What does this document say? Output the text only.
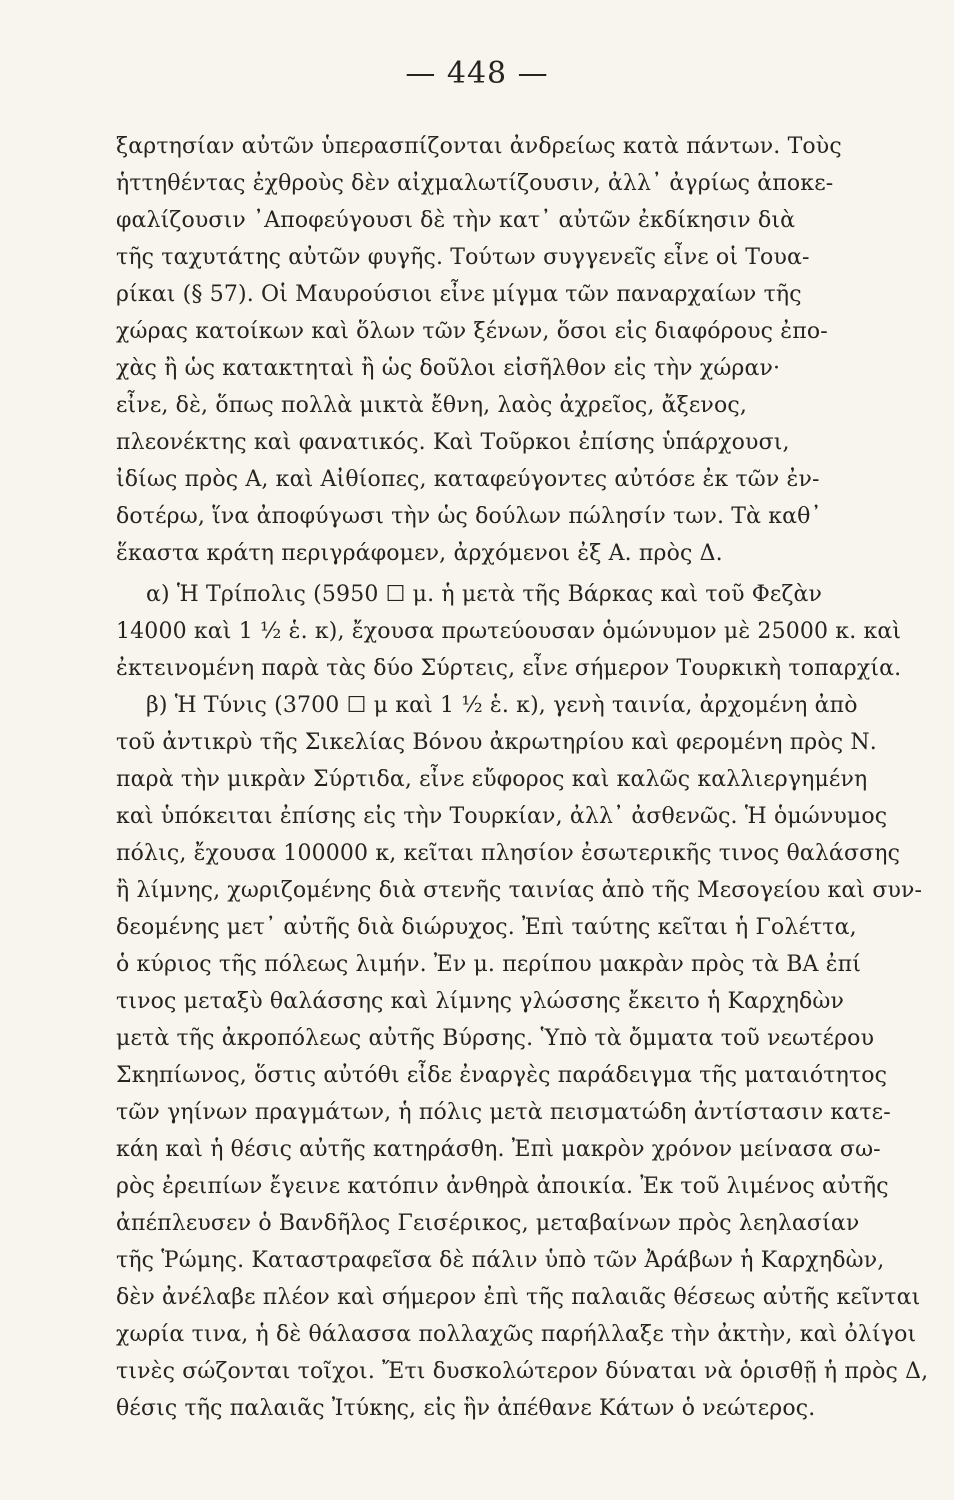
— 448 —
ξαρτησίαν αὐτῶν ὑπερασπίζονται ἀνδρείως κατὰ πάντων. Τοὺς
ἡττηθέντας ἐχθροὺς δὲν αἰχμαλωτίζουσιν, ἀλλ᾿ ἀγρίως ἀποκε-
φαλίζουσιν ᾿Αποφεύγουσι δὲ τὴν κατ᾿ αὐτῶν ἐκδίκησιν διὰ
τῆς ταχυτάτης αὐτῶν φυγῆς. Τούτων συγγενεῖς εἶνε οἱ Τουα-
ρίκαι (§ 57). Οἱ Μαυρούσιοι εἶνε μίγμα τῶν παναρχαίων τῆς
χώρας κατοίκων καὶ ὅλων τῶν ξένων, ὅσοι εἰς διαφόρους ἐπο-
χὰς ἢ ὡς κατακτηταὶ ἢ ὡς δοῦλοι εἰσῆλθον εἰς τὴν χώραν·
εἶνε, δὲ, ὅπως πολλὰ μικτὰ ἔθνη, λαὸς ἀχρεῖος, ἄξενος,
πλεονέκτης καὶ φανατικός. Καὶ Τοῦρκοι ἐπίσης ὑπάρχουσι,
ἰδίως πρὸς Α, καὶ Αἰθίοπες, καταφεύγοντες αὐτόσε ἐκ τῶν ἐν-
δοτέρω, ἵνα ἀποφύγωσι τὴν ὡς δούλων πώλησίν των. Τὰ καθ᾿
ἕκαστα κράτη περιγράφομεν, ἀρχόμενοι ἐξ Α. πρὸς Δ.
α) Ἡ Τρίπολις (5950 ☐ μ. ἡ μετὰ τῆς Βάρκας καὶ τοῦ Φεζὰν
14000 καὶ 1 ½ ἑ. κ), ἔχουσα πρωτεύουσαν ὁμώνυμον μὲ 25000 κ. καὶ
ἐκτεινομένη παρὰ τὰς δύο Σύρτεις, εἶνε σήμερον Τουρκικὴ τοπαρχία.
β) Ἡ Τύνις (3700 ☐ μ καὶ 1 ½ ἑ. κ), γενὴ ταινία, ἀρχομένη ἀπὸ
τοῦ ἀντικρὺ τῆς Σικελίας Βόνου ἀκρωτηρίου καὶ φερομένη πρὸς Ν.
παρὰ τὴν μικρὰν Σύρτιδα, εἶνε εὔφορος καὶ καλῶς καλλιεργημένη
καὶ ὑπόκειται ἐπίσης εἰς τὴν Τουρκίαν, ἀλλ᾿ ἀσθενῶς. Ἡ ὁμώνυμος
πόλις, ἔχουσα 100000 κ, κεῖται πλησίον ἐσωτερικῆς τινος θαλάσσης
ἢ λίμνης, χωριζομένης διὰ στενῆς ταινίας ἀπὸ τῆς Μεσογείου καὶ συν-
δεομένης μετ᾿ αὐτῆς διὰ διώρυχος. Ἐπὶ ταύτης κεῖται ἡ Γολέττα,
ὁ κύριος τῆς πόλεως λιμήν. Ἐν μ. περίπου μακρὰν πρὸς τὰ ΒΑ ἐπί
τινος μεταξὺ θαλάσσης καὶ λίμνης γλώσσης ἔκειτο ἡ Καρχηδὼν
μετὰ τῆς ἀκροπόλεως αὐτῆς Βύρσης. Ὑπὸ τὰ ὄμματα τοῦ νεωτέρου
Σκηπίωνος, ὅστις αὐτόθι εἶδε ἐναργὲς παράδειγμα τῆς ματαιότητος
τῶν γηίνων πραγμάτων, ἡ πόλις μετὰ πεισματώδη ἀντίστασιν κατε-
κάη καὶ ἡ θέσις αὐτῆς κατηράσθη. Ἐπὶ μακρὸν χρόνον μείνασα σω-
ρὸς ἐρειπίων ἔγεινε κατόπιν ἀνθηρὰ ἀποικία. Ἐκ τοῦ λιμένος αὐτῆς
ἀπέπλευσεν ὁ Βανδῆλος Γεισέρικος, μεταβαίνων πρὸς λεηλασίαν
τῆς Ῥώμης. Καταστραφεῖσα δὲ πάλιν ὑπὸ τῶν Ἀράβων ἡ Καρχηδὼν,
δὲν ἀνέλαβε πλέον καὶ σήμερον ἐπὶ τῆς παλαιᾶς θέσεως αὐτῆς κεῖνται
χωρία τινα, ἡ δὲ θάλασσα πολλαχῶς παρήλλαξε τὴν ἀκτὴν, καὶ ὀλίγοι
τινὲς σώζονται τοῖχοι. Ἔτι δυσκολώτερον δύναται νὰ ὁρισθῇ ἡ πρὸς Δ,
θέσις τῆς παλαιᾶς Ἰτύκης, εἰς ἣν ἀπέθανε Κάτων ὁ νεώτερος.
